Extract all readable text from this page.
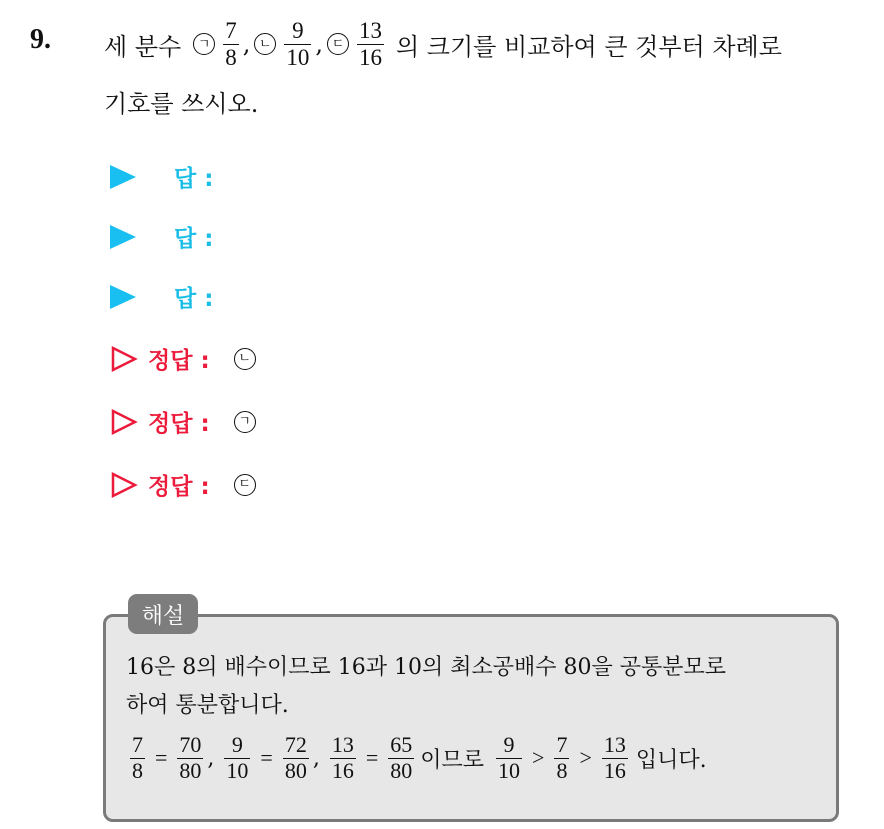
9. 세 분수	ㄱ $\frac{7}{8}$ , ㄴ $\frac{9}{10}$ , ㄷ $\frac{13}{16}$ 의 크기를 비교하여 큰 것부터 차례로
기호를 쓰시오.
답 :
답 :
답 :
정답 :	ㄴ
정답 :	ㄱ
정답 :	ㄷ
해설
16은 8의 배수이므로 16과 10의 최소공배수 80을 공통분모로
하여 통분합니다.
$\frac{7}{8} = \frac{70}{80}$ , $\frac{9}{10} = \frac{72}{80}$ , $\frac{13}{16} = \frac{65}{80}$ 이므로 $\frac{9}{10} > \frac{7}{8} > \frac{13}{16}$ 입니다.
